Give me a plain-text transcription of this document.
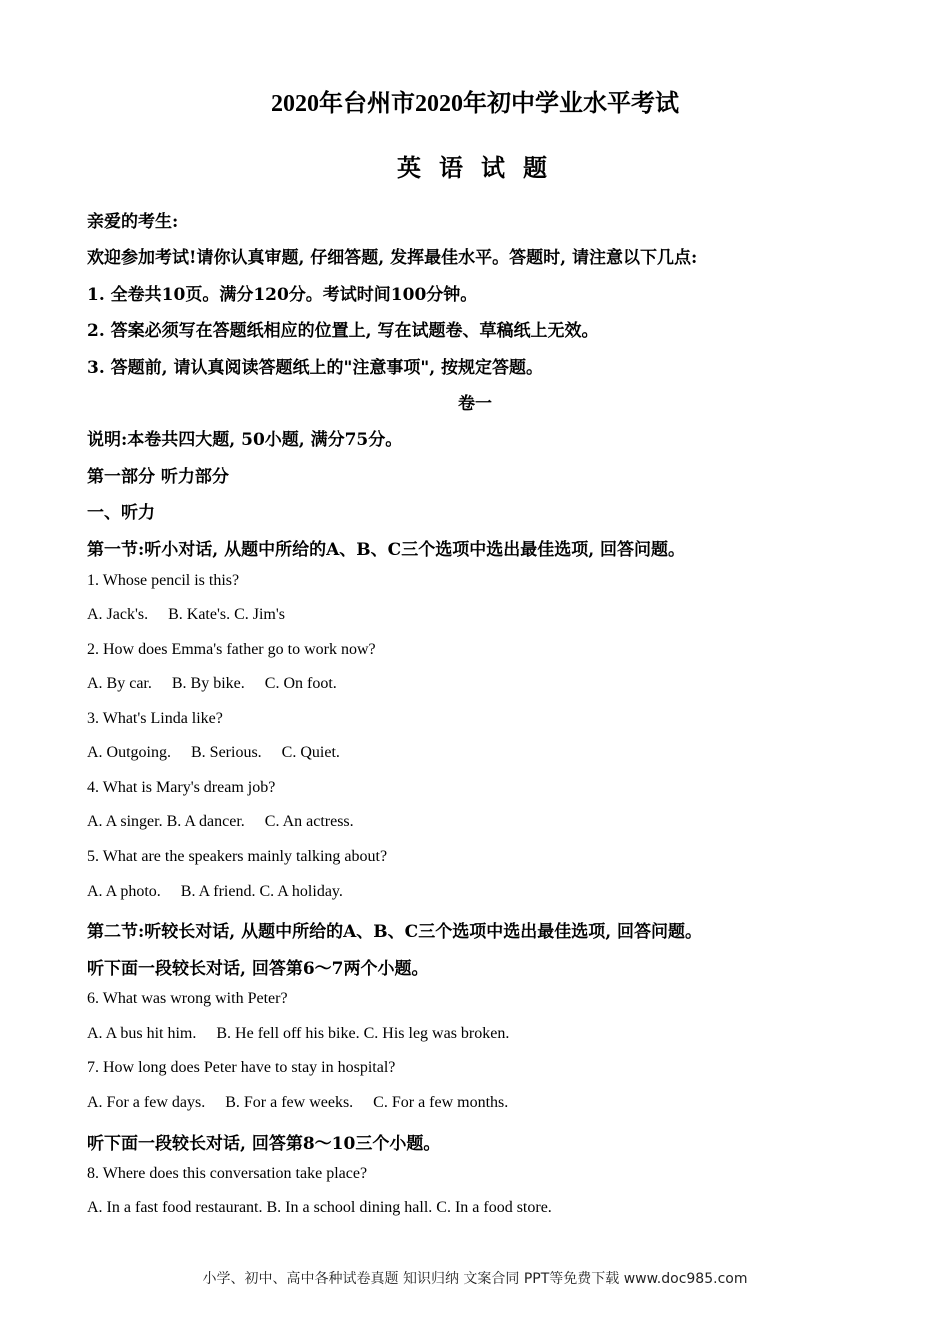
2020年台州市2020年初中学业水平考试
英 语 试 题
亲爱的考生:
欢迎参加考试!请你认真审题, 仔细答题, 发挥最佳水平。答题时, 请注意以下几点:
1. 全卷共10页。满分120分。考试时间100分钟。
2. 答案必须写在答题纸相应的位置上, 写在试题卷、草稿纸上无效。
3. 答题前, 请认真阅读答题纸上的"注意事项", 按规定答题。
卷一
说明:本卷共四大题, 50小题, 满分75分。
第一部分 听力部分
一、听力
第一节:听小对话, 从题中所给的A、B、C三个选项中选出最佳选项, 回答问题。
1. Whose pencil is this?
A. Jack's. B. Kate's. C. Jim's
2. How does Emma's father go to work now?
A. By car. B. By bike. C. On foot.
3. What's Linda like?
A. Outgoing. B. Serious. C. Quiet.
4. What is Mary's dream job?
A. A singer. B. A dancer. C. An actress.
5. What are the speakers mainly talking about?
A. A photo. B. A friend. C. A holiday.
第二节:听较长对话, 从题中所给的A、B、C三个选项中选出最佳选项, 回答问题。
听下面一段较长对话, 回答第6～7两个小题。
6. What was wrong with Peter?
A. A bus hit him. B. He fell off his bike. C. His leg was broken.
7. How long does Peter have to stay in hospital?
A. For a few days. B. For a few weeks. C. For a few months.
听下面一段较长对话, 回答第8～10三个小题。
8. Where does this conversation take place?
A. In a fast food restaurant. B. In a school dining hall. C. In a food store.
小学、初中、高中各种试卷真题 知识归纳 文案合同 PPT等免费下载 www.doc985.com
